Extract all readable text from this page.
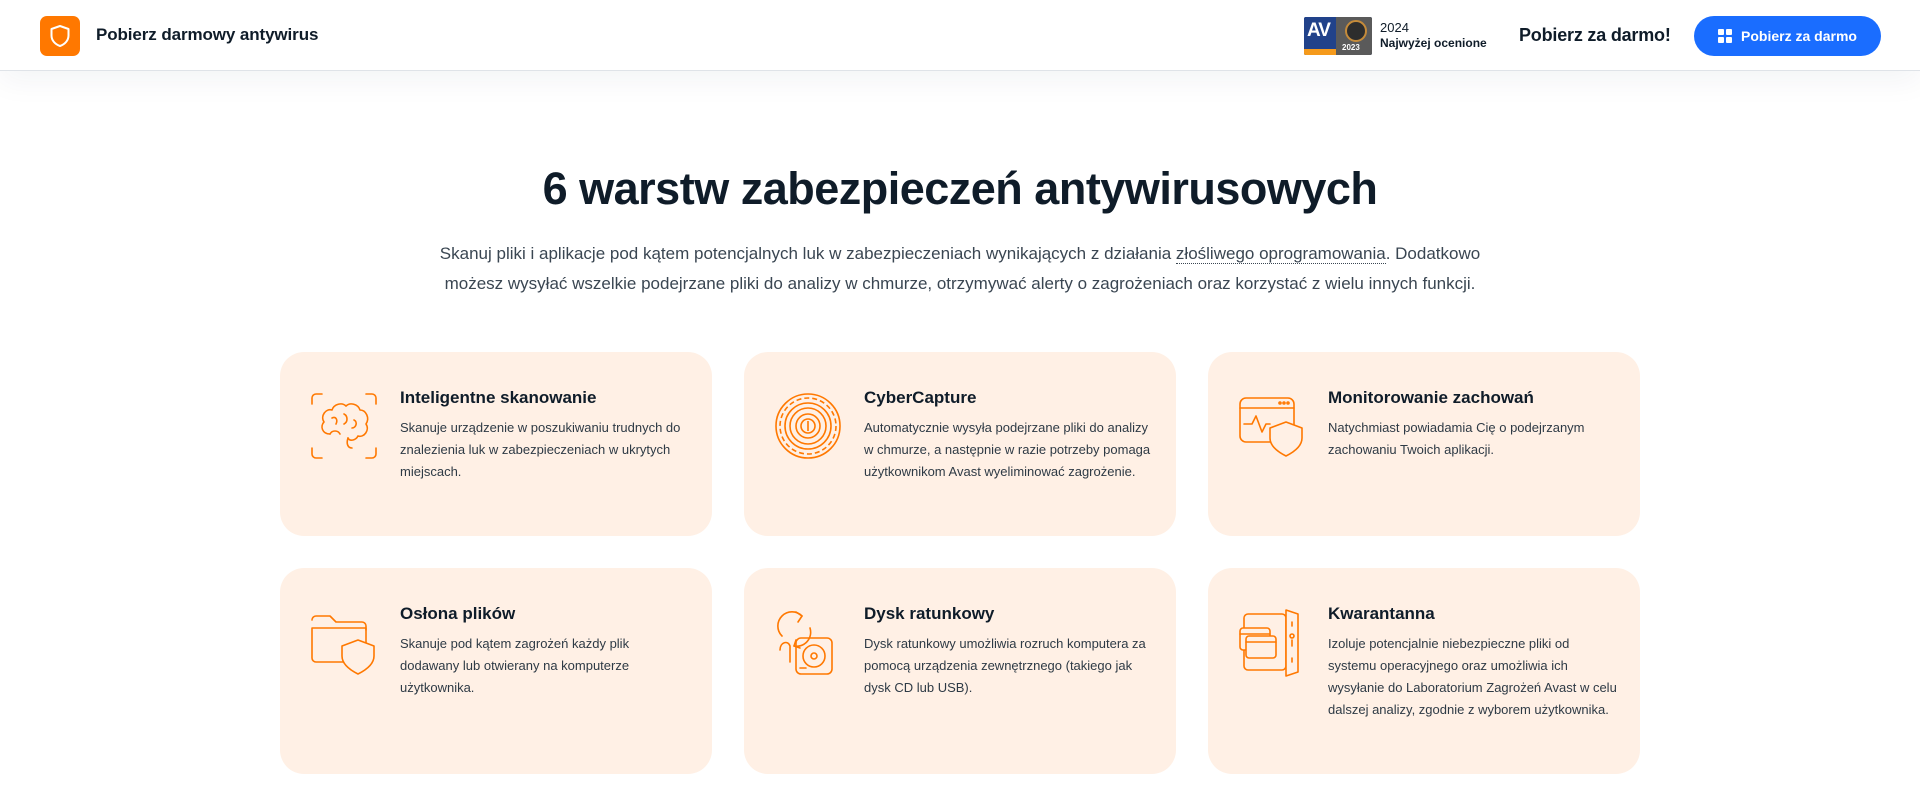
Pobierz darmowy antywirus	AV
2023
2024
Najwyżej ocenione Pobierz za darmo!	Pobierz za darmo
6 warstw zabezpieczeń antywirusowych

Skanuj pliki i aplikacje pod kątem potencjalnych luk w zabezpieczeniach wynikających z działania złośliwego oprogramowania. Dodatkowo
możesz wysyłać wszelkie podejrzane pliki do analizy w chmurze, otrzymywać alerty o zagrożeniach oraz korzystać z wielu innych funkcji.

Inteligentne skanowanie
Skanuje urządzenie w poszukiwaniu trudnych do znalezienia luk w zabezpieczeniach w ukrytych miejscach.
CyberCapture
Automatycznie wysyła podejrzane pliki do analizy w chmurze, a następnie w razie potrzeby pomaga użytkownikom Avast wyeliminować zagrożenie.
Monitorowanie zachowań
Natychmiast powiadamia Cię o podejrzanym zachowaniu Twoich aplikacji.
Osłona plików
Skanuje pod kątem zagrożeń każdy plik dodawany lub otwierany na komputerze użytkownika.
Dysk ratunkowy
Dysk ratunkowy umożliwia rozruch komputera za pomocą urządzenia zewnętrznego (takiego jak dysk CD lub USB).
Kwarantanna
Izoluje potencjalnie niebezpieczne pliki od systemu operacyjnego oraz umożliwia ich wysyłanie do Laboratorium Zagrożeń Avast w celu dalszej analizy, zgodnie z wyborem użytkownika.
